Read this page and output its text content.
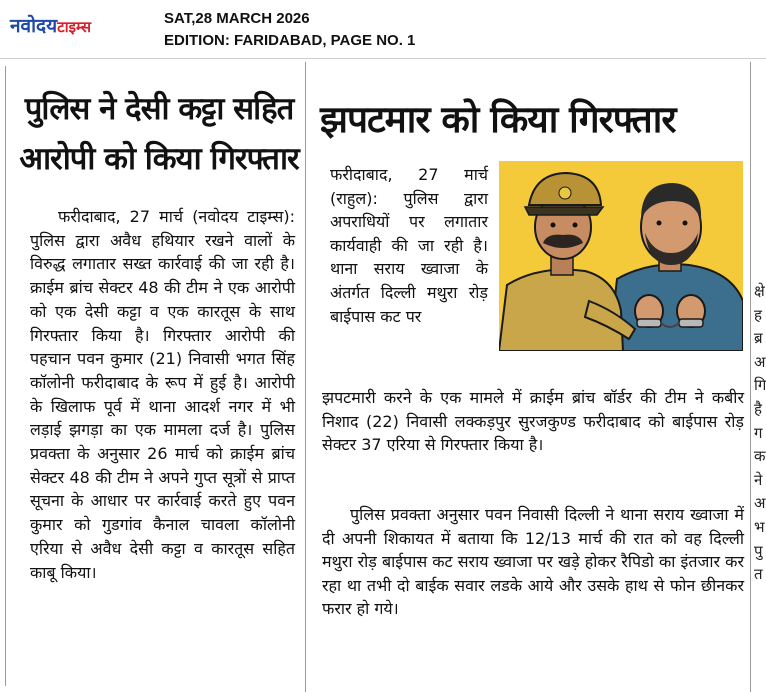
नवोदयटाइम्स	SAT,28 MARCH 2026
EDITION: FARIDABAD, PAGE NO. 1
पुलिस ने देसी कट्टा सहित
आरोपी को किया गिरफ्तार
फरीदाबाद, 27 मार्च (नवोदय टाइम्स): पुलिस द्वारा अवैध हथियार रखने वालों के विरुद्ध लगातार सख्त कार्रवाई की जा रही है। क्राईम ब्रांच सेक्टर 48 की टीम ने एक आरोपी को एक देसी कट्टा व एक कारतूस के साथ गिरफ्तार किया है। गिरफ्तार आरोपी की पहचान पवन कुमार (21) निवासी भगत सिंह कॉलोनी फरीदाबाद के रूप में हुई है। आरोपी के खिलाफ पूर्व में थाना आदर्श नगर में भी लड़ाई झगड़ा का एक मामला दर्ज है। पुलिस प्रवक्ता के अनुसार 26 मार्च को क्राईम ब्रांच सेक्टर 48 की टीम ने अपने गुप्त सूत्रों से प्राप्त सूचना के आधार पर कार्रवाई करते हुए पवन कुमार को गुडगांव कैनाल चावला कॉलोनी एरिया से अवैध देसी कट्टा व कारतूस सहित काबू किया।
झपटमार को किया गिरफ्तार
फरीदाबाद, 27 मार्च (राहुल): पुलिस द्वारा अपराधियों पर लगातार कार्यवाही की जा रही है। थाना सराय ख्वाजा के अंतर्गत दिल्ली मथुरा रोड़ बाईपास कट पर
झपटमारी करने के एक मामले में क्राईम ब्रांच बॉर्डर की टीम ने कबीर निशाद (22) निवासी लक्कड़पुर सुरजकुण्ड फरीदाबाद को बाईपास रोड़ सेक्टर 37 एरिया से गिरफ्तार किया है।
पुलिस प्रवक्ता अनुसार पवन निवासी दिल्ली ने थाना सराय ख्वाजा में दी अपनी शिकायत में बताया कि 12/13 मार्च की रात को वह दिल्ली मथुरा रोड़ बाईपास कट सराय ख्वाजा पर खड़े होकर रैपिडो का इंतजार कर रहा था तभी दो बाईक सवार लडके आये और उसके हाथ से फोन छीनकर फरार हो गये।
क्षे
ह
ब्र
अ
गि
है
ग
क
ने
अ
भ
पु
त
